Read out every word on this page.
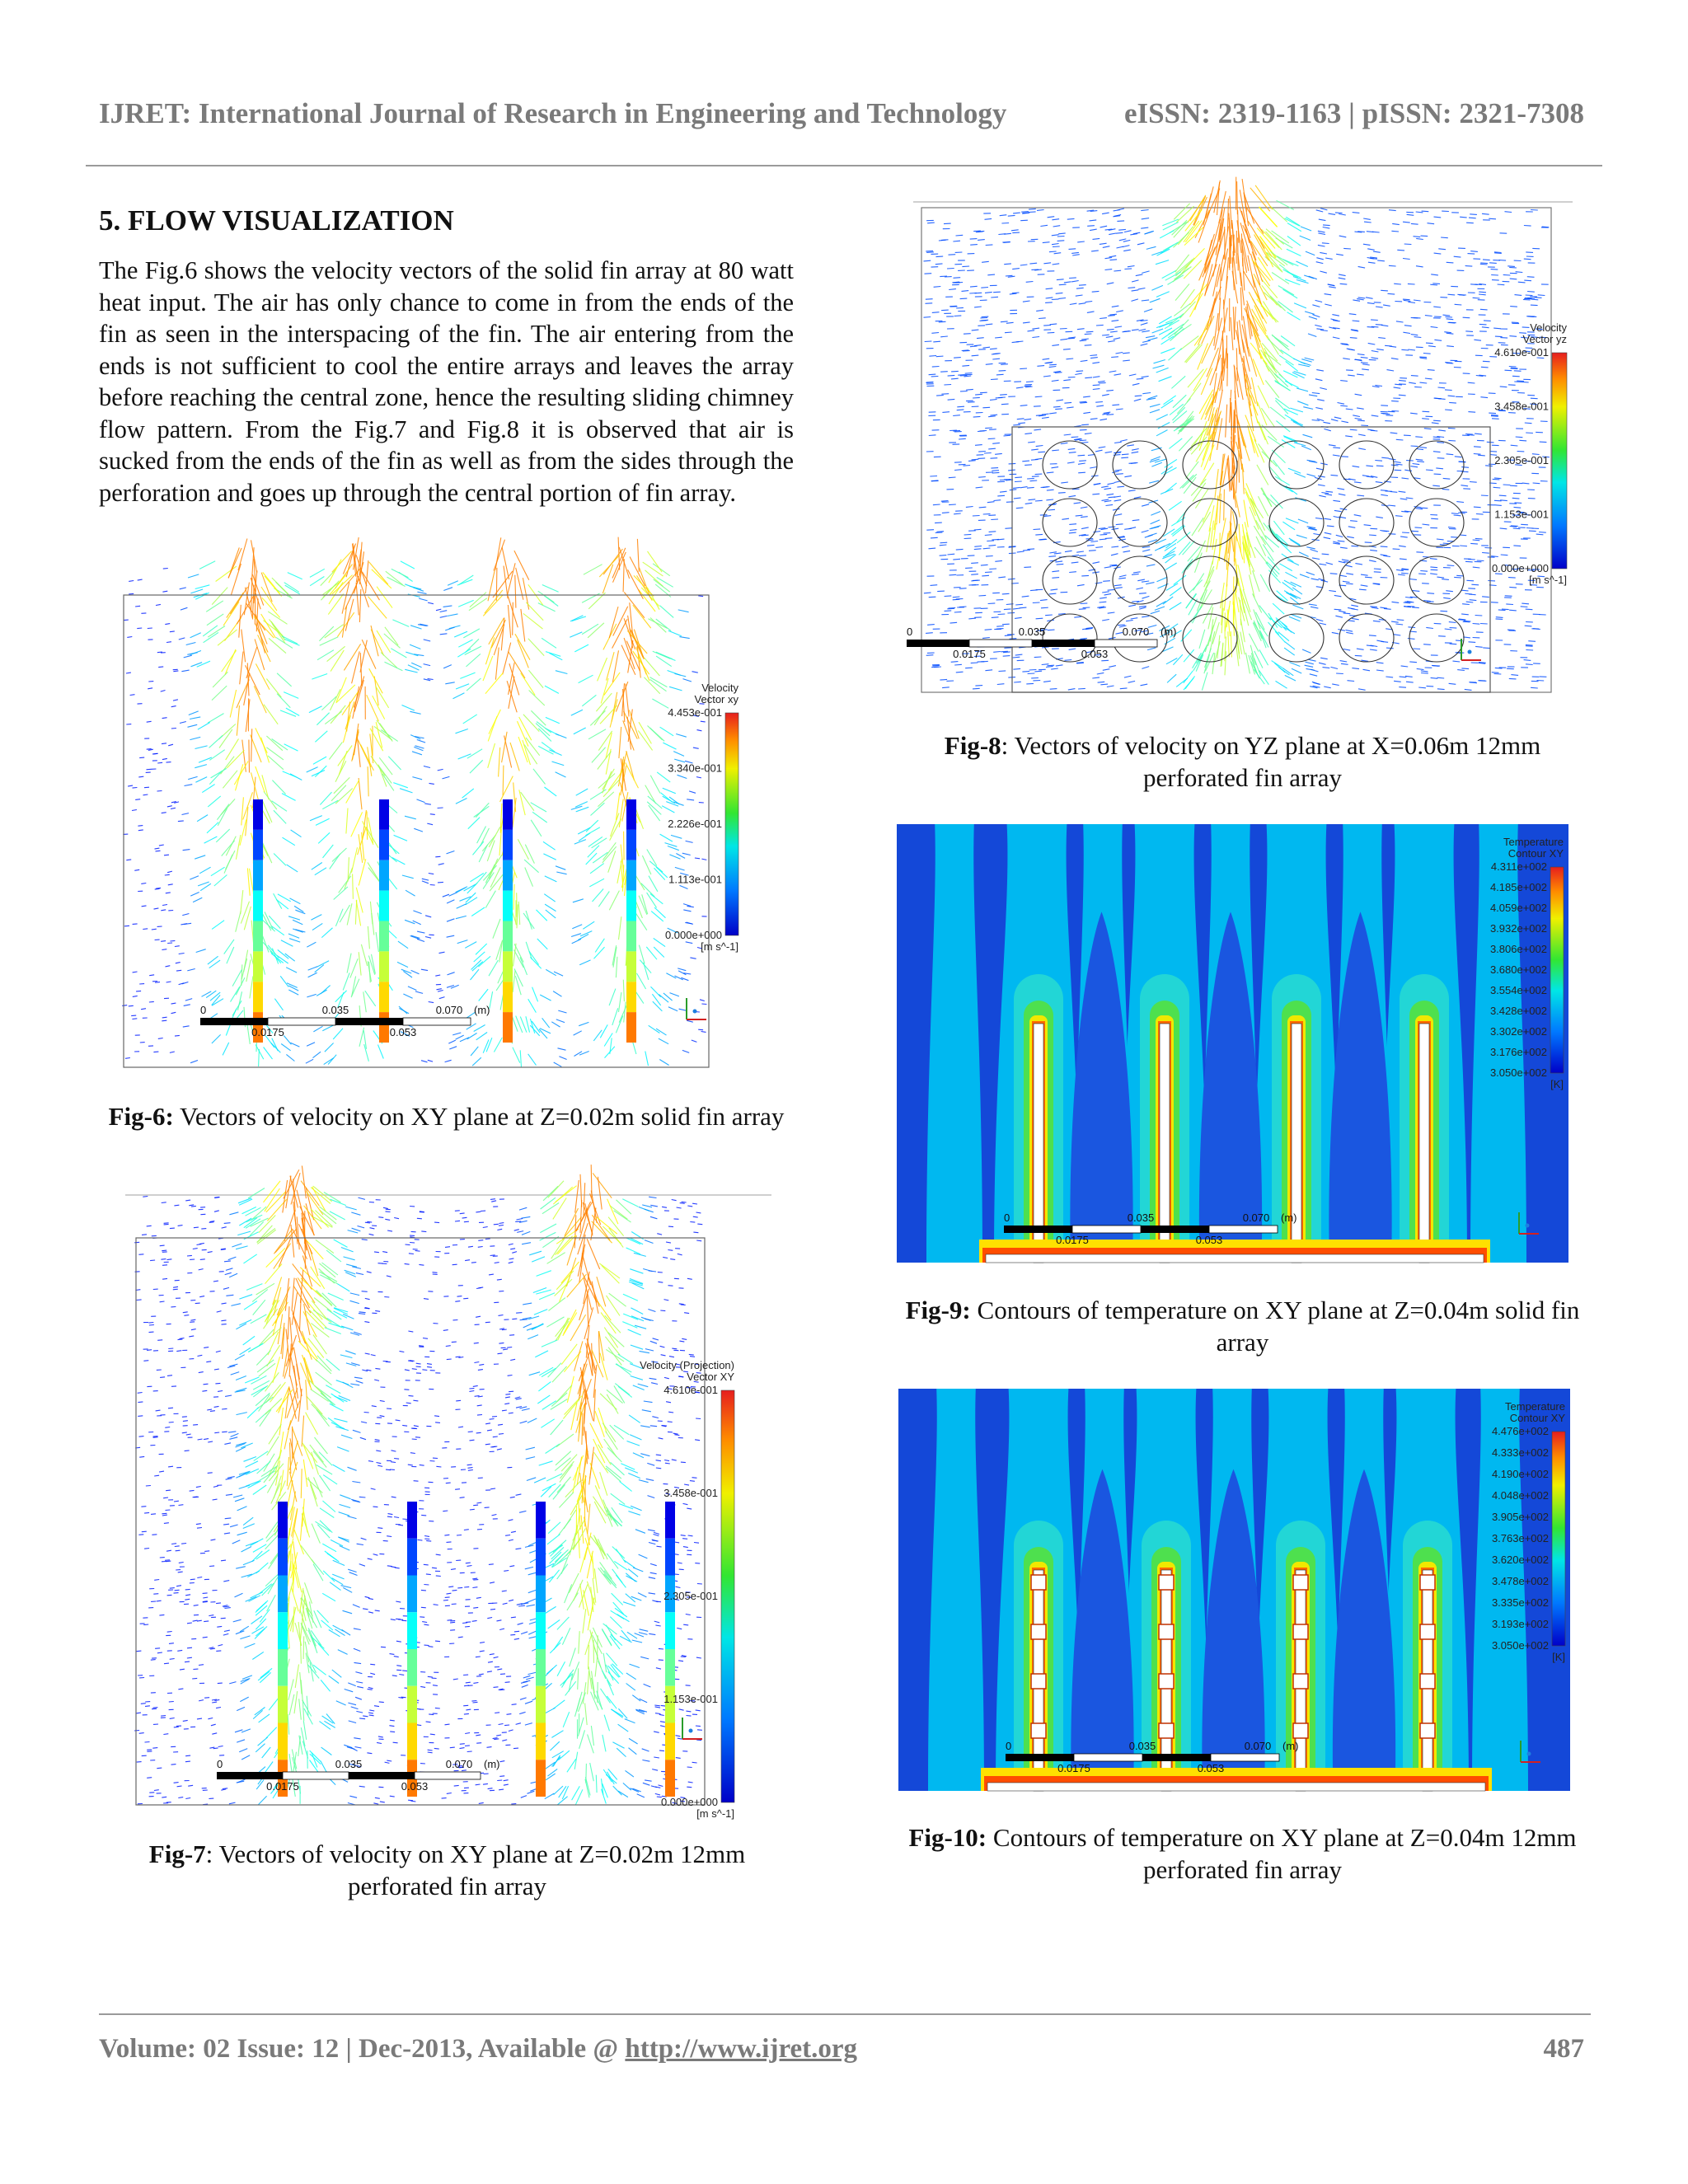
IJRET: International Journal of Research in Engineering and Technology	eISSN: 2319-1163 | pISSN: 2321-7308
5. FLOW VISUALIZATION
The Fig.6 shows the velocity vectors of the solid fin array at 80 watt heat input. The air has only chance to come in from the ends of the fin as seen in the interspacing of the fin. The air entering from the ends is not sufficient to cool the entire arrays and leaves the array before reaching the central zone, hence the resulting sliding chimney flow pattern. From the Fig.7 and Fig.8 it is observed that air is sucked from the ends of the fin as well as from the sides through the perforation and goes up through the central portion of fin array.
Velocity
Vector xy
4.453e-001
3.340e-001
2.226e-001
1.113e-001
0.000e+000
[m s^-1]
0	0.035	0.070 (m)
0.0175	0.053
Fig-6: Vectors of velocity on XY plane at Z=0.02m solid fin array
Velocity (Projection)
Vector XY
4.610e-001
3.458e-001
2.305e-001
1.153e-001
0.000e+000
[m s^-1]
0	0.035	0.070 (m)
0.0175	0.053
Fig-7: Vectors of velocity on XY plane at Z=0.02m 12mm perforated fin array
Velocity
Vector yz
4.610e-001
3.458e-001
2.305e-001
1.153e-001
0.000e+000
[m s^-1]
0	0.035	0.070 (m)
0.0175	0.053
Fig-8: Vectors of velocity on YZ plane at X=0.06m 12mm perforated fin array
Temperature
Contour XY
4.311e+002
4.185e+002
4.059e+002
3.932e+002
3.806e+002
3.680e+002
3.554e+002
3.428e+002
3.302e+002
3.176e+002
3.050e+002
[K]
0	0.035	0.070 (m)
0.0175	0.053
Fig-9: Contours of temperature on XY plane at Z=0.04m solid fin array
Temperature
Contour XY
4.476e+002
4.333e+002
4.190e+002
4.048e+002
3.905e+002
3.763e+002
3.620e+002
3.478e+002
3.335e+002
3.193e+002
3.050e+002
[K]
0	0.035	0.070 (m)
0.0175	0.053
Fig-10: Contours of temperature on XY plane at Z=0.04m 12mm perforated fin array
Volume: 02 Issue: 12 | Dec-2013, Available @ http://www.ijret.org	487
